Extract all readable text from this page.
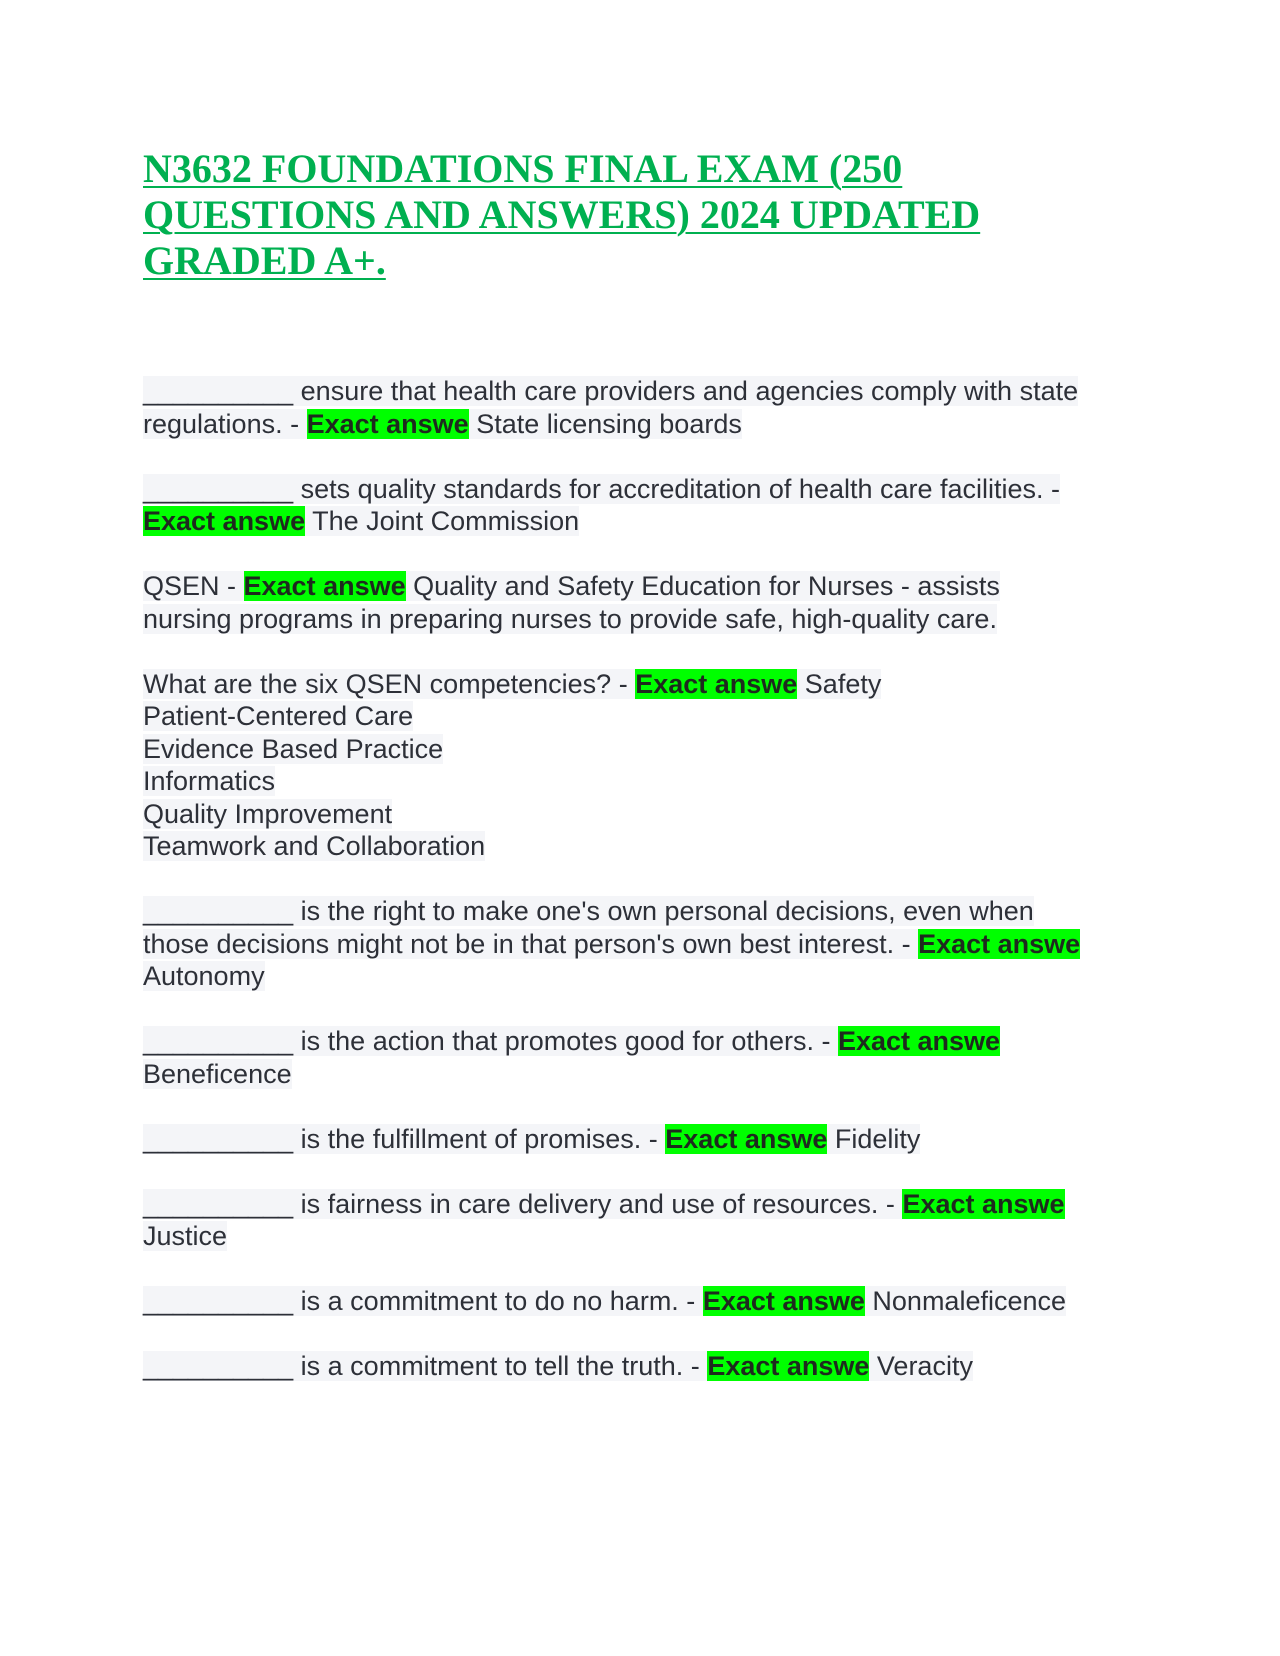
N3632 FOUNDATIONS FINAL EXAM (250 QUESTIONS AND ANSWERS) 2024 UPDATED GRADED A+.

__________ ensure that health care providers and agencies comply with state regulations. - Exact answe State licensing boards

__________ sets quality standards for accreditation of health care facilities. - Exact answe The Joint Commission

QSEN - Exact answe Quality and Safety Education for Nurses - assists nursing programs in preparing nurses to provide safe, high-quality care.

What are the six QSEN competencies? - Exact answe Safety
Patient-Centered Care
Evidence Based Practice
Informatics
Quality Improvement
Teamwork and Collaboration

__________ is the right to make one's own personal decisions, even when those decisions might not be in that person's own best interest. - Exact answe Autonomy

__________ is the action that promotes good for others. - Exact answe Beneficence

__________ is the fulfillment of promises. - Exact answe Fidelity

__________ is fairness in care delivery and use of resources. - Exact answe Justice

__________ is a commitment to do no harm. - Exact answe Nonmaleficence

__________ is a commitment to tell the truth. - Exact answe Veracity
